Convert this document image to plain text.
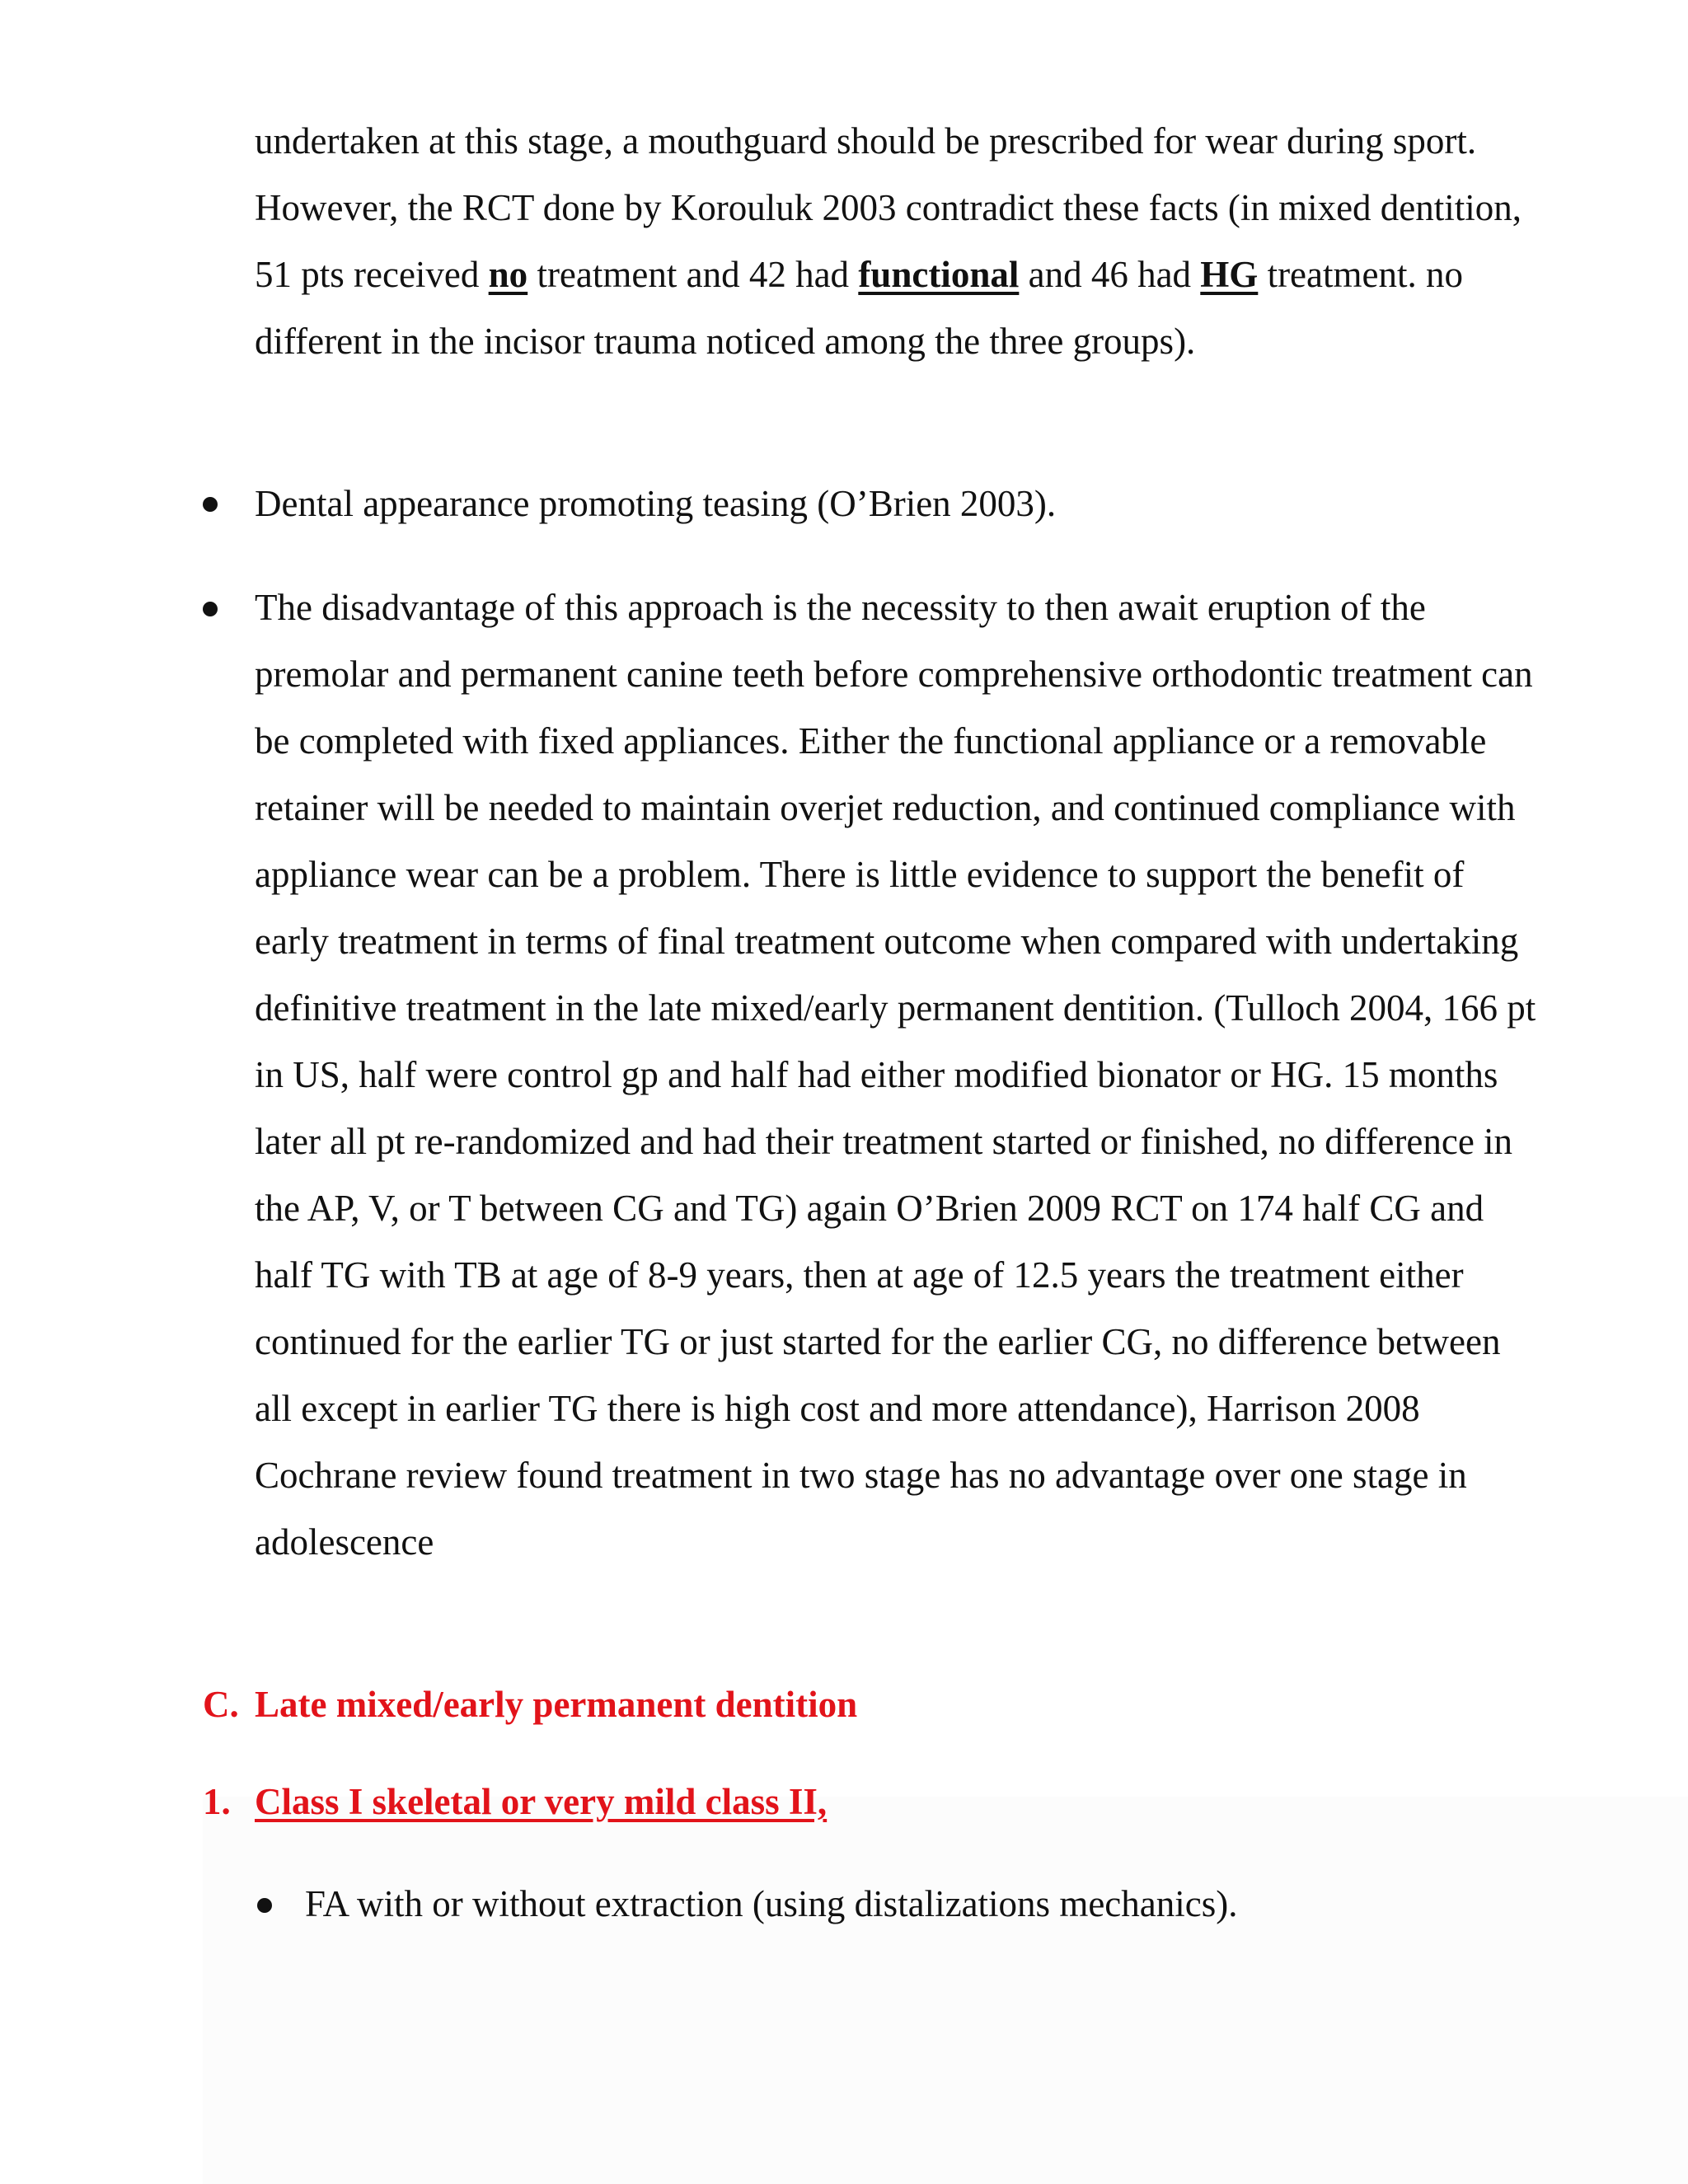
undertaken at this stage, a mouthguard should be prescribed for wear during sport. However, the RCT done by Korouluk 2003 contradict these facts (in mixed dentition, 51 pts received no treatment and 42 had functional and 46 had HG treatment. no different in the incisor trauma noticed among the three groups).
Dental appearance promoting teasing (O’Brien 2003).
The disadvantage of this approach is the necessity to then await eruption of the premolar and permanent canine teeth before comprehensive orthodontic treatment can be completed with fixed appliances. Either the functional appliance or a removable retainer will be needed to maintain overjet reduction, and continued compliance with appliance wear can be a problem. There is little evidence to support the benefit of early treatment in terms of final treatment outcome when compared with undertaking definitive treatment in the late mixed/early permanent dentition. (Tulloch 2004, 166 pt in US, half were control gp and half had either modified bionator or HG. 15 months later all pt re-randomized and had their treatment started or finished, no difference in the AP, V, or T between CG and TG) again O’Brien 2009 RCT on 174 half CG and half TG with TB at age of 8-9 years, then at age of 12.5 years the treatment either continued for the earlier TG or just started for the earlier CG, no difference between all except in earlier TG there is high cost and more attendance), Harrison 2008 Cochrane review found treatment in two stage has no advantage over one stage in adolescence
C. Late mixed/early permanent dentition
1. Class I skeletal or very mild class II,
FA with or without extraction (using distalizations mechanics).
